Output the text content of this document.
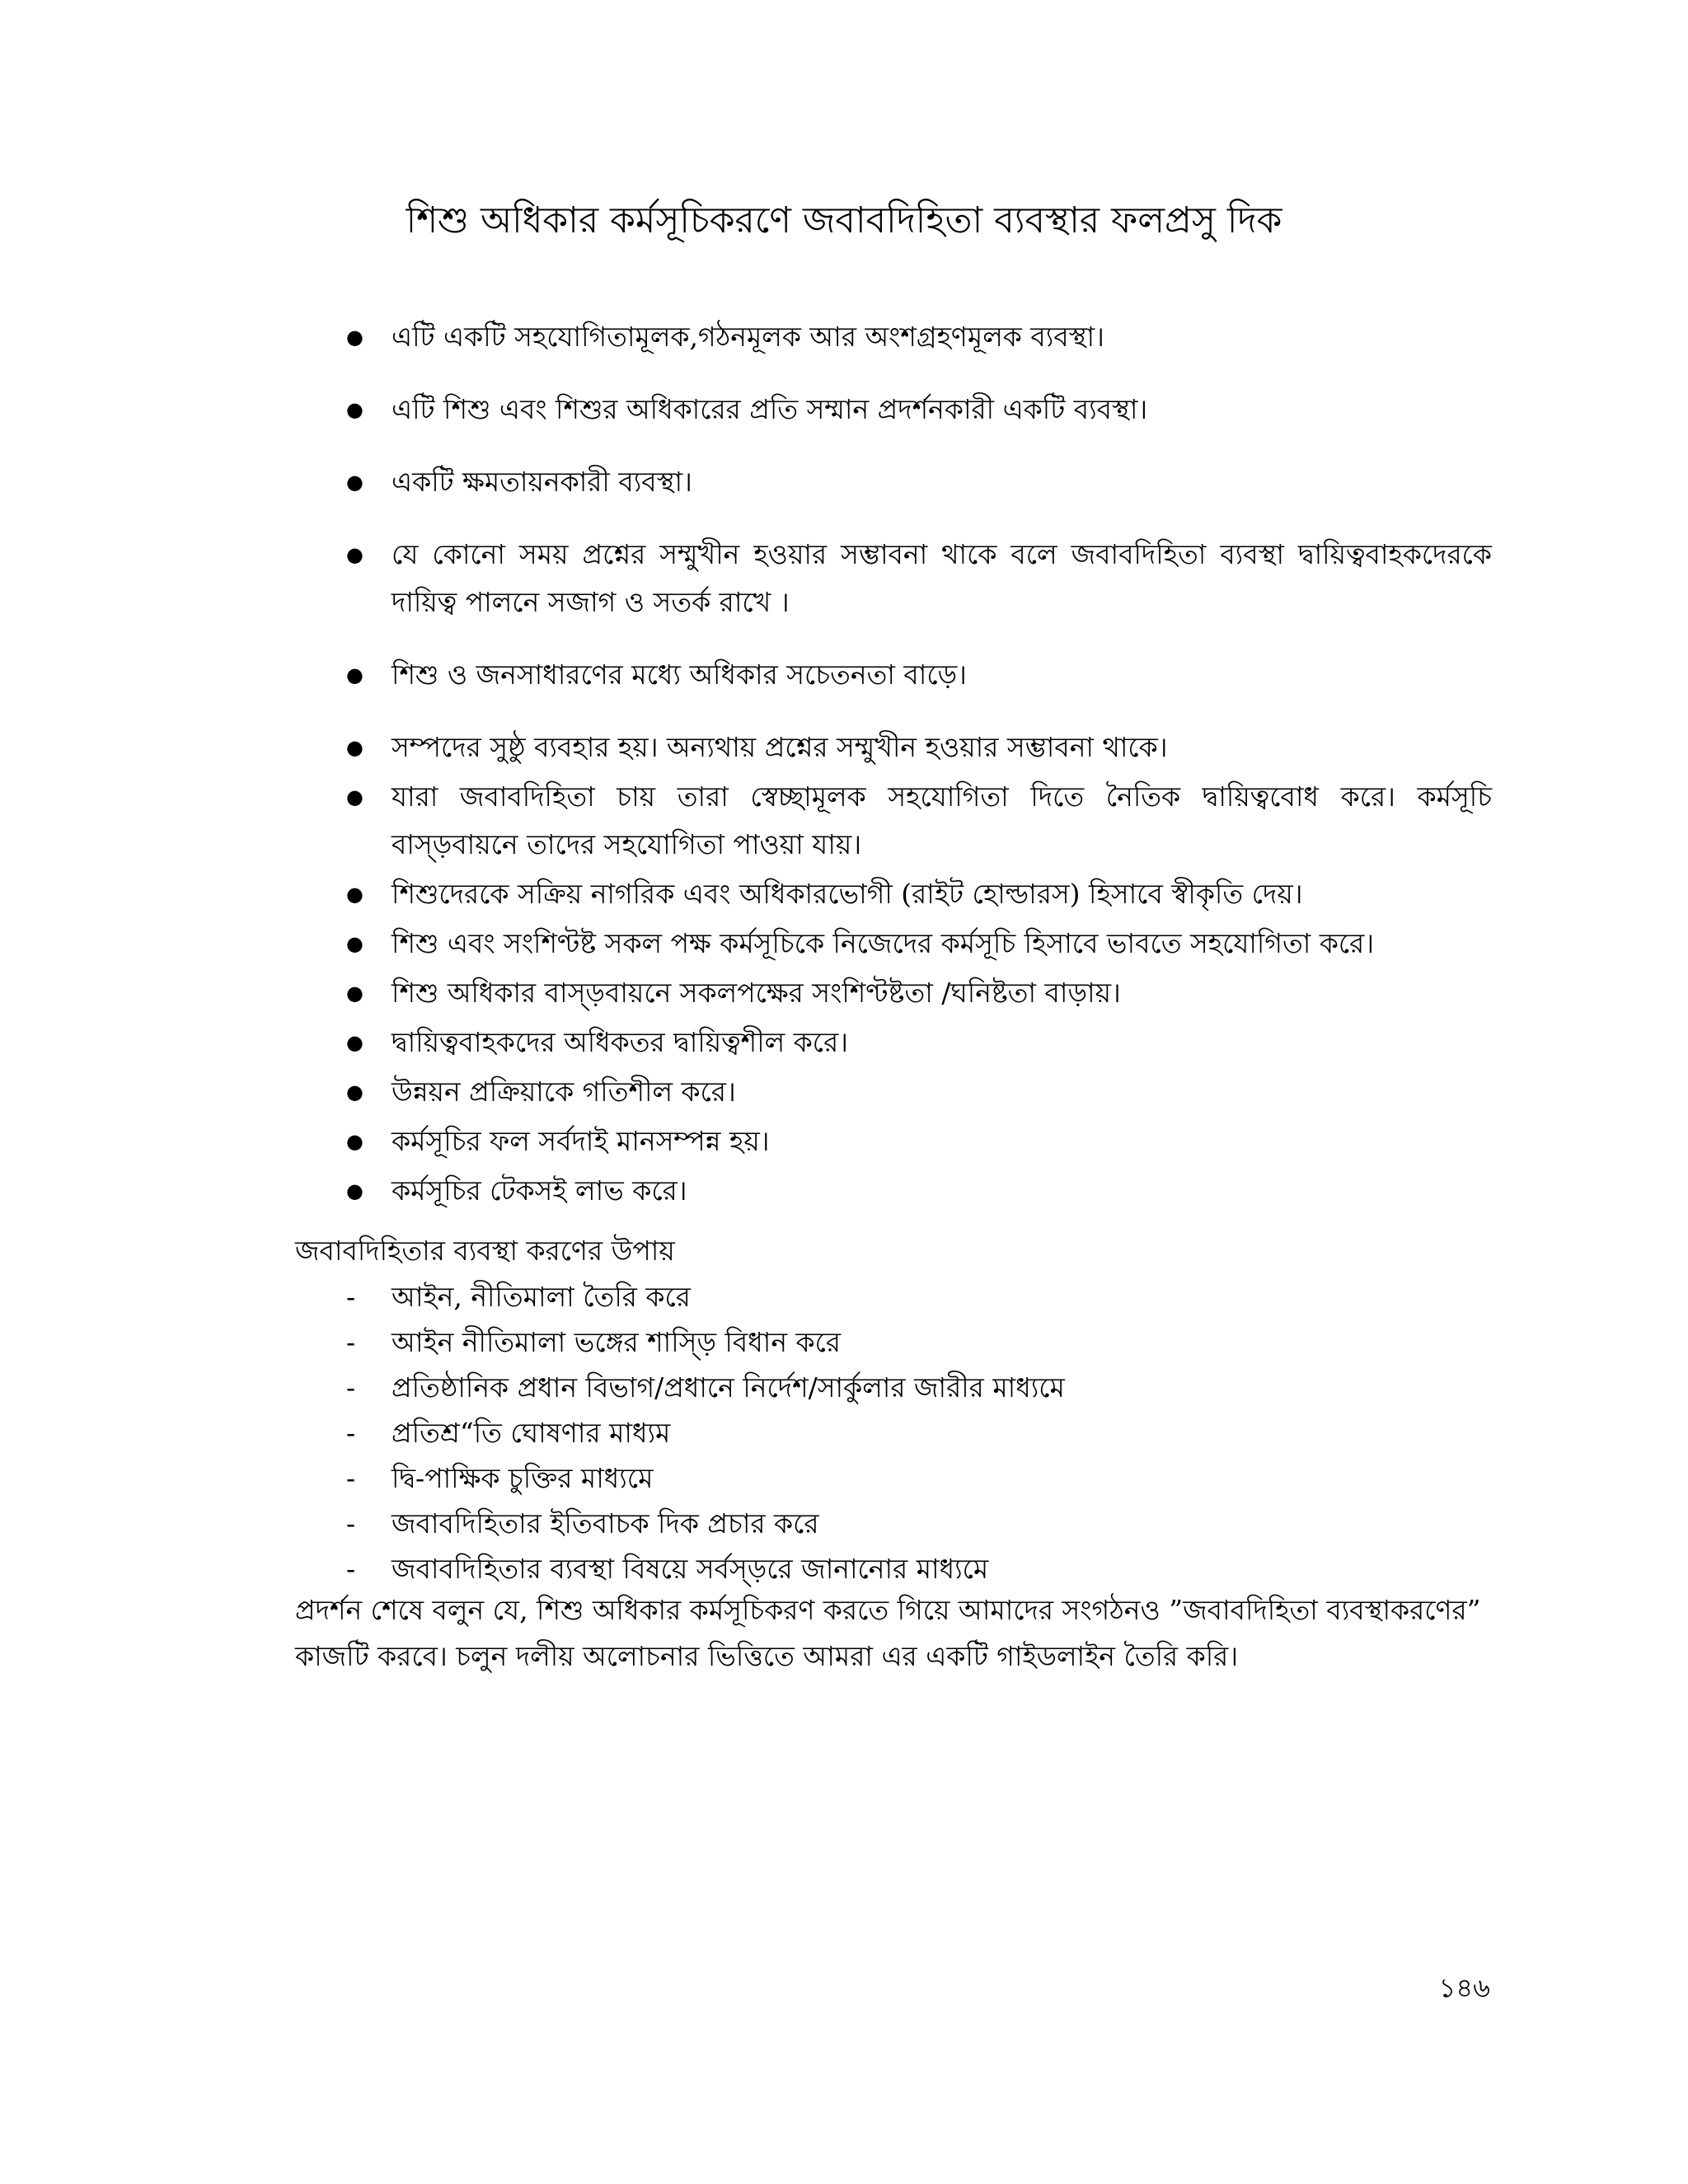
শিশু অধিকার কর্মসূচিকরণে জবাবদিহিতা ব্যবস্থার ফলপ্রসু দিক
● এটি একটি সহযোগিতামূলক,গঠনমূলক আর অংশগ্রহণমূলক ব্যবস্থা।
● এটি শিশু এবং শিশুর অধিকারের প্রতি সম্মান প্রদর্শনকারী একটি ব্যবস্থা।
● একটি ক্ষমতায়নকারী ব্যবস্থা।
● যে কোনো সময় প্রশ্নের সম্মুখীন হওয়ার সম্ভাবনা থাকে বলে জবাবদিহিতা ব্যবস্থা দ্বায়িত্ববাহকদেরকে দায়িত্ব পালনে সজাগ ও সতর্ক রাখে ।
● শিশু ও জনসাধারণের মধ্যে অধিকার সচেতনতা বাড়ে।
● সম্পদের সুষ্ঠু ব্যবহার হয়। অন্যথায় প্রশ্নের সম্মুখীন হওয়ার সম্ভাবনা থাকে।
● যারা জবাবদিহিতা চায় তারা স্বেচ্ছামূলক সহযোগিতা দিতে নৈতিক দ্বায়িত্ববোধ করে। কর্মসূচি বাস্ড়বায়নে তাদের সহযোগিতা পাওয়া যায়।
● শিশুদেরকে সক্রিয় নাগরিক এবং অধিকারভোগী (রাইট হোল্ডারস) হিসাবে স্বীকৃতি দেয়।
● শিশু এবং সংশিণ্টষ্ট সকল পক্ষ কর্মসূচিকে নিজেদের কর্মসূচি হিসাবে ভাবতে সহযোগিতা করে।
● শিশু অধিকার বাস্ড়বায়নে সকলপক্ষের সংশিণ্টষ্টতা /ঘনিষ্টতা বাড়ায়।
● দ্বায়িত্ববাহকদের অধিকতর দ্বায়িত্বশীল করে।
● উন্নয়ন প্রক্রিয়াকে গতিশীল করে।
● কর্মসূচির ফল সর্বদাই মানসম্পন্ন হয়।
● কর্মসূচির টেকসই লাভ করে।

জবাবদিহিতার ব্যবস্থা করণের উপায়

- আইন, নীতিমালা তৈরি করে
- আইন নীতিমালা ভঙ্গের শাস্ড়ি বিধান করে
- প্রতিষ্ঠানিক প্রধান বিভাগ/প্রধানে নির্দেশ/সার্কুলার জারীর মাধ্যমে
- প্রতিশ্র“তি ঘোষণার মাধ্যম
- দ্বি-পাক্ষিক চুক্তির মাধ্যমে
- জবাবদিহিতার ইতিবাচক দিক প্রচার করে
- জবাবদিহিতার ব্যবস্থা বিষয়ে সর্বস্ড়রে জানানোর মাধ্যমে

প্রদর্শন শেষে বলুন যে, শিশু অধিকার কর্মসূচিকরণ করতে গিয়ে আমাদের সংগঠনও ”জবাবদিহিতা ব্যবস্থাকরণের” কাজটি করবে। চলুন দলীয় অলোচনার ভিত্তিতে আমরা এর একটি গাইডলাইন তৈরি করি।

১৪৬
